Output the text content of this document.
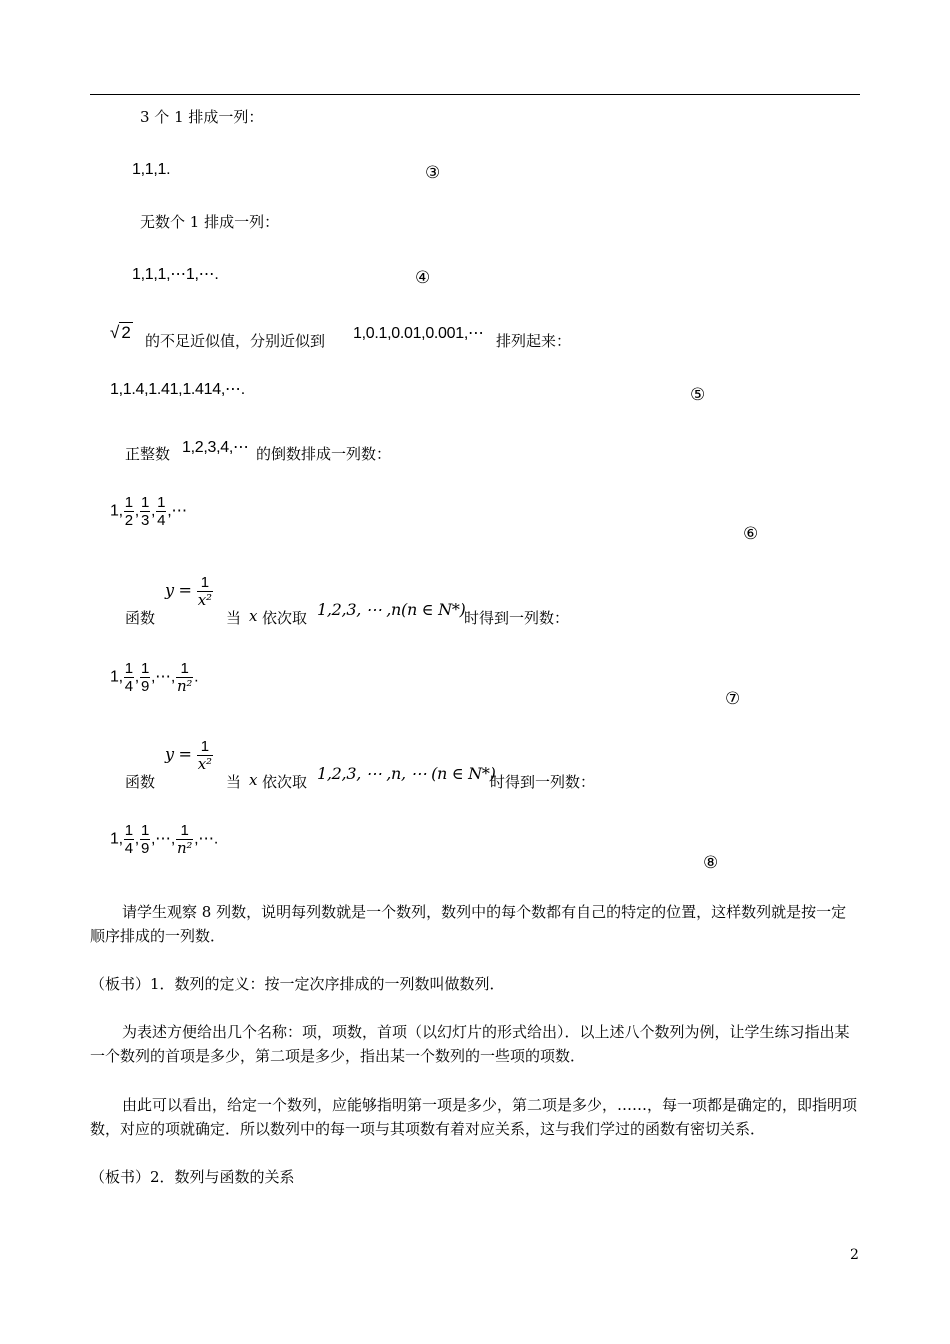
3 个 1 排成一列：
1,1,1.	③
无数个 1 排成一列：
1,1,1,⋯1,⋯.	④
√ 2 的不足近似值，分别近似到 1,0.1,0.01,0.001,⋯ 排列起来：
1,1.4,1.41,1.414,⋯.	⑤
正整数 1,2,3,4,⋯ 的倒数排成一列数：
1, $\frac{1}{2}$ , $\frac{1}{3}$ , $\frac{1}{4}$ ,⋯
⑥
函数
$y = \frac{1}{\text{x²}}$
当 x 依次取 1,2,3, ⋯ ,n(n ∈ N*)
时得到一列数：
1, $\frac{1}{4}$ , $\frac{1}{9}$ ,⋯, $\frac{1}{\text{n²}}$ .
⑦
函数
$y = \frac{1}{\text{x²}}$
当 x 依次取 1,2,3, ⋯ ,n, ⋯ (n ∈ N*)
时得到一列数：
1, $\frac{1}{4}$ , $\frac{1}{9}$ ,⋯, $\frac{1}{\text{n²}}$ ,⋯.
⑧
请学生观察 8 列数，说明每列数就是一个数列，数列中的每个数都有自己的特定的位置，这样数列就是按一定顺序排成的一列数．
（板书）1．数列的定义：按一定次序排成的一列数叫做数列．
为表述方便给出几个名称：项，项数，首项（以幻灯片的形式给出）．以上述八个数列为例，让学生练习指出某一个数列的首项是多少，第二项是多少，指出某一个数列的一些项的项数．
由此可以看出，给定一个数列，应能够指明第一项是多少，第二项是多少，……，每一项都是确定的，即指明项数，对应的项就确定．所以数列中的每一项与其项数有着对应关系，这与我们学过的函数有密切关系．
（板书）2．数列与函数的关系
2
